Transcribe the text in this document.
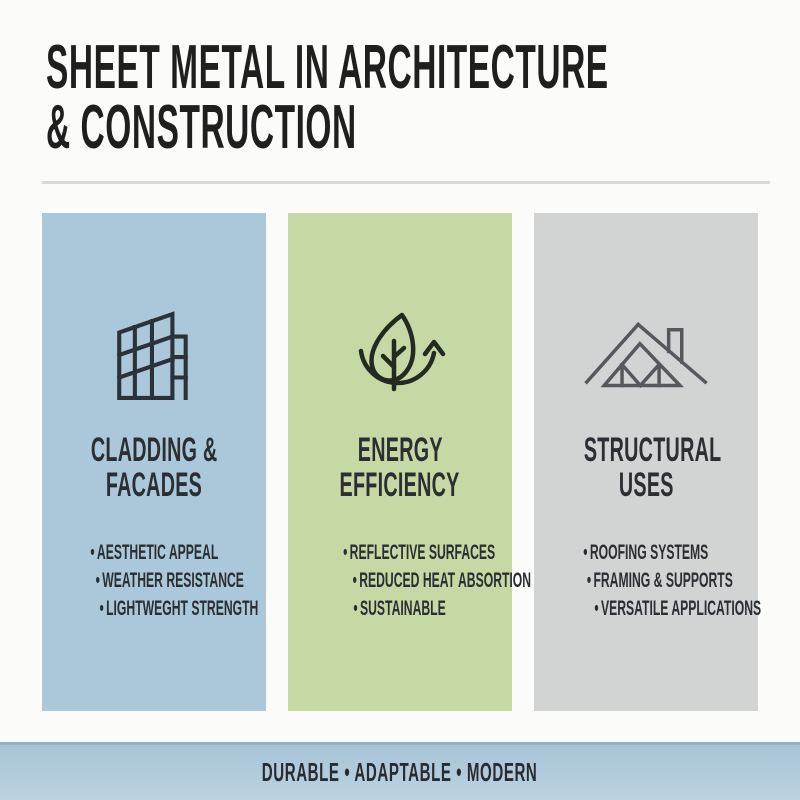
SHEET METAL IN ARCHITECTURE
& CONSTRUCTION
CLADDING &
FACADES
• AESTHETIC APPEAL
• WEATHER RESISTANCE
• LIGHTWEGHT STRENGTH
ENERGY
EFFICIENCY
• REFLECTIVE SURFACES
• REDUCED HEAT ABSORTION
• SUSTAINABLE
STRUCTURAL
USES
• ROOFING SYSTEMS
• FRAMING & SUPPORTS
• VERSATILE APPLICATIONS
DURABLE • ADAPTABLE • MODERN
